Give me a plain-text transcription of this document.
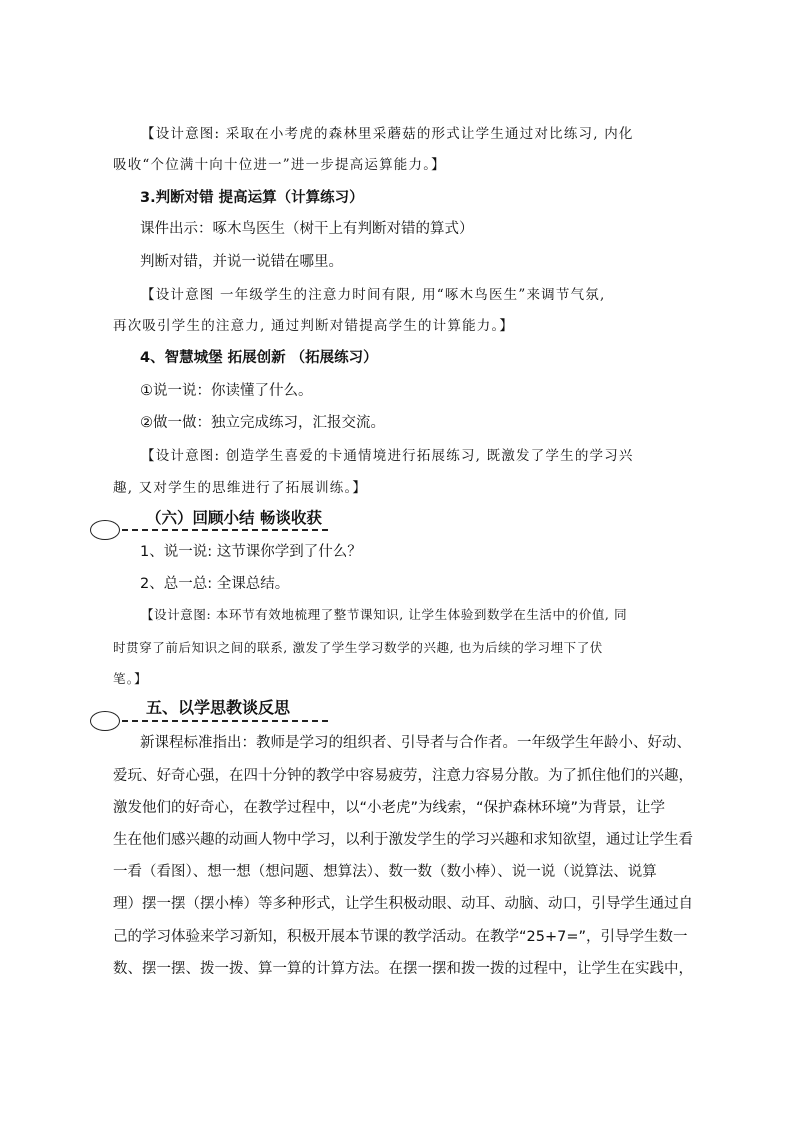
【设计意图: 采取在小考虎的森林里采蘑菇的形式让学生通过对比练习, 内化
吸收“个位满十向十位进一”进一步提高运算能力。】
3.判断对错 提高运算（计算练习）
课件出示：啄木鸟医生（树干上有判断对错的算式）
判断对错，并说一说错在哪里。
【设计意图 一年级学生的注意力时间有限, 用“啄木鸟医生”来调节气氛,
再次吸引学生的注意力, 通过判断对错提高学生的计算能力。】
4、智慧城堡 拓展创新 （拓展练习）
①说一说：你读懂了什么。
②做一做：独立完成练习，汇报交流。
【设计意图: 创造学生喜爱的卡通情境进行拓展练习, 既激发了学生的学习兴
趣, 又对学生的思维进行了拓展训练。】
（六）回顾小结 畅谈收获
1、说一说: 这节课你学到了什么？
2、总一总: 全课总结。
【设计意图: 本环节有效地梳理了整节课知识, 让学生体验到数学在生活中的价值, 同
时贯穿了前后知识之间的联系, 激发了学生学习数学的兴趣, 也为后续的学习埋下了伏
笔。】
五、以学思教谈反思
新课程标准指出：教师是学习的组织者、引导者与合作者。一年级学生年龄小、好动、
爱玩、好奇心强，在四十分钟的教学中容易疲劳，注意力容易分散。为了抓住他们的兴趣，
激发他们的好奇心，在教学过程中，以“小老虎”为线索，“保护森林环境”为背景，让学
生在他们感兴趣的动画人物中学习，以利于激发学生的学习兴趣和求知欲望，通过让学生看
一看（看图）、想一想（想问题、想算法）、数一数（数小棒）、说一说（说算法、说算
理）摆一摆（摆小棒）等多种形式，让学生积极动眼、动耳、动脑、动口，引导学生通过自
己的学习体验来学习新知，积极开展本节课的教学活动。在教学“25+7=”，引导学生数一
数、摆一摆、拨一拨、算一算的计算方法。在摆一摆和拨一拨的过程中，让学生在实践中，
